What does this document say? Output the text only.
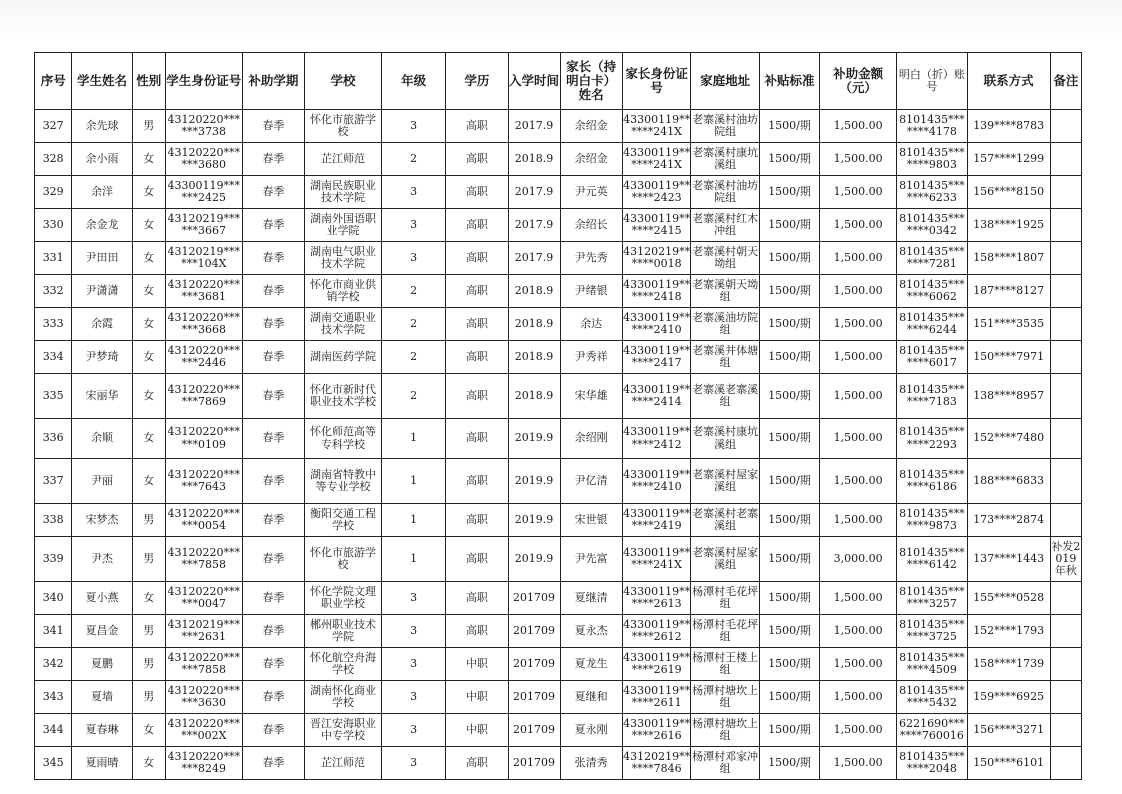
序号	学生姓名	性别	学生身份证号	补助学期	学校	年级	学历	入学时间	家长（持明白卡）姓名	家长身份证号	家庭地址	补贴标准	补助金额（元）	明白（折）账号	联系方式	备注
327	余先球	男	43120220******3738	春季	怀化市旅游学校	3	高职	2017.9	余绍金	43300119******241X	老寨溪村油坊院组	1500/期	1,500.00	8101435*******4178	139****8783	
328	余小雨	女	43120220******3680	春季	芷江师范	2	高职	2018.9	余绍金	43300119******241X	老寨溪村康坑溪组	1500/期	1,500.00	8101435*******9803	157****1299	
329	余洋	女	43300119******2425	春季	湖南民族职业技术学院	3	高职	2017.9	尹元英	43300119******2423	老寨溪村油坊院组	1500/期	1,500.00	8101435*******6233	156****8150	
330	余金龙	女	43120219******3667	春季	湖南外国语职业学院	3	高职	2017.9	余绍长	43300119******2415	老寨溪村红木冲组	1500/期	1,500.00	8101435*******0342	138****1925	
331	尹田田	女	43120219******104X	春季	湖南电气职业技术学院	3	高职	2017.9	尹先秀	43120219******0018	老寨溪村朝天坳组	1500/期	1,500.00	8101435*******7281	158****1807	
332	尹潇潇	女	43120220******3681	春季	怀化市商业供销学校	2	高职	2018.9	尹绪银	43300119******2418	老寨溪朝天坳组	1500/期	1,500.00	8101435*******6062	187****8127	
333	余霞	女	43120220******3668	春季	湖南交通职业技术学院	2	高职	2018.9	余达	43300119******2410	老寨溪油坊院组	1500/期	1,500.00	8101435*******6244	151****3535	
334	尹梦琦	女	43120220******2446	春季	湖南医药学院	2	高职	2018.9	尹秀祥	43300119******2417	老寨溪井体塘组	1500/期	1,500.00	8101435*******6017	150****7971	
335	宋丽华	女	43120220******7869	春季	怀化市新时代职业技术学校	2	高职	2018.9	宋华雄	43300119******2414	老寨溪老寨溪组	1500/期	1,500.00	8101435*******7183	138****8957	
336	余顺	女	43120220******0109	春季	怀化师范高等专科学校	1	高职	2019.9	余绍刚	43300119******2412	老寨溪村康坑溪组	1500/期	1,500.00	8101435*******2293	152****7480	
337	尹丽	女	43120220******7643	春季	湖南省特教中等专业学校	1	高职	2019.9	尹亿清	43300119******2410	老寨溪村屋家溪组	1500/期	1,500.00	8101435*******6186	188****6833	
338	宋梦杰	男	43120220******0054	春季	衡阳交通工程学校	1	高职	2019.9	宋世银	43300119******2419	老寨溪村老寨溪组	1500/期	1,500.00	8101435*******9873	173****2874	
339	尹杰	男	43120220******7858	春季	怀化市旅游学校	1	高职	2019.9	尹先富	43300119******241X	老寨溪村屋家溪组	1500/期	3,000.00	8101435*******6142	137****1443	补发2019年秋
340	夏小燕	女	43120220******0047	春季	怀化学院文理职业学校	3	高职	201709	夏继清	43300119******2613	杨潭村毛花坪组	1500/期	1,500.00	8101435*******3257	155****0528	
341	夏昌金	男	43120219******2631	春季	郴州职业技术学院	3	高职	201709	夏永杰	43300119******2612	杨潭村毛花坪组	1500/期	1,500.00	8101435*******3725	152****1793	
342	夏鹏	男	43120220******7858	春季	怀化航空舟海学校	3	中职	201709	夏龙生	43300119******2619	杨潭村王楼上组	1500/期	1,500.00	8101435*******4509	158****1739	
343	夏墙	男	43120220******3630	春季	湖南怀化商业学校	3	中职	201709	夏继和	43300119******2611	杨潭村塘坎上组	1500/期	1,500.00	8101435*******5432	159****6925	
344	夏春琳	女	43120220******002X	春季	晋江安海职业中专学校	3	中职	201709	夏永刚	43300119******2616	杨潭村塘坎上组	1500/期	1,500.00	6221690*******760016	156****3271	
345	夏雨晴	女	43120220******8249	春季	芷江师范	3	高职	201709	张清秀	43120219******7846	杨潭村邓家冲组	1500/期	1,500.00	8101435*******2048	150****6101	
